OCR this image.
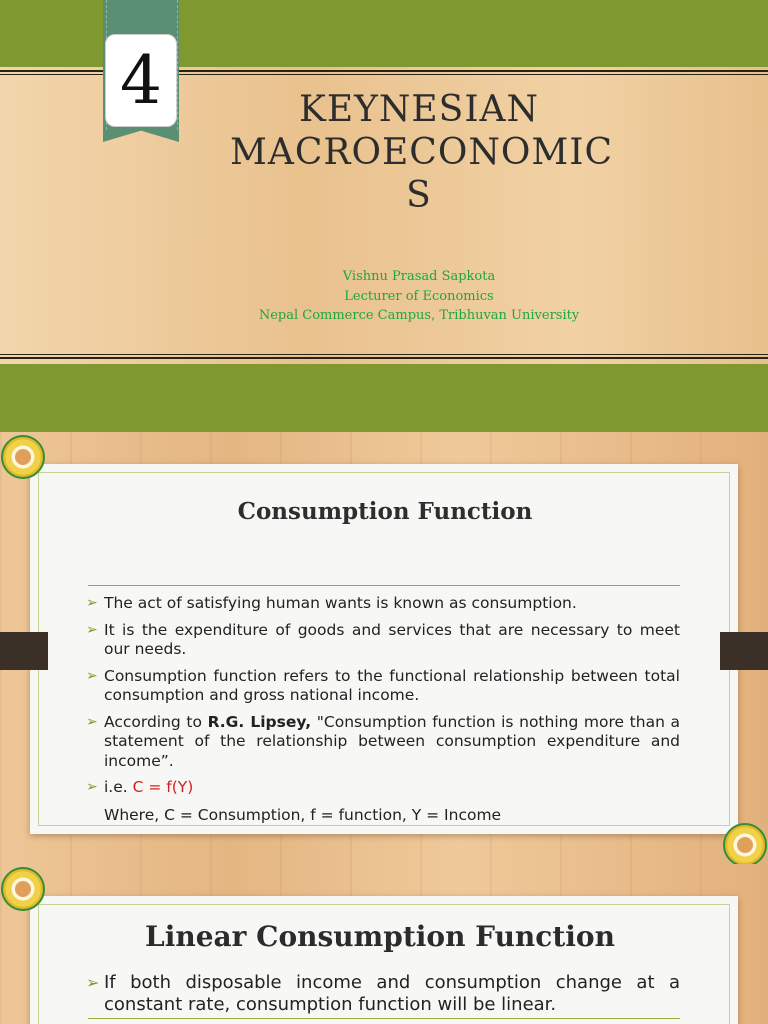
4	KEYNESIAN
MACROECONOMIC
S
Vishnu Prasad Sapkota
Lecturer of Economics
Nepal Commerce Campus, Tribhuvan University
Consumption Function
➢ The act of satisfying human wants is known as consumption.
➢ It is the expenditure of goods and services that are necessary to meet our needs.
➢ Consumption function refers to the functional relationship between total consumption and gross national income.
➢ According to R.G. Lipsey, "Consumption function is nothing more than a statement of the relationship between consumption expenditure and income”.
➢ i.e. C = f(Y)
Where, C = Consumption, f = function, Y = Income
Linear Consumption Function
➢ If both disposable income and consumption change at a constant rate, consumption function will be linear.
